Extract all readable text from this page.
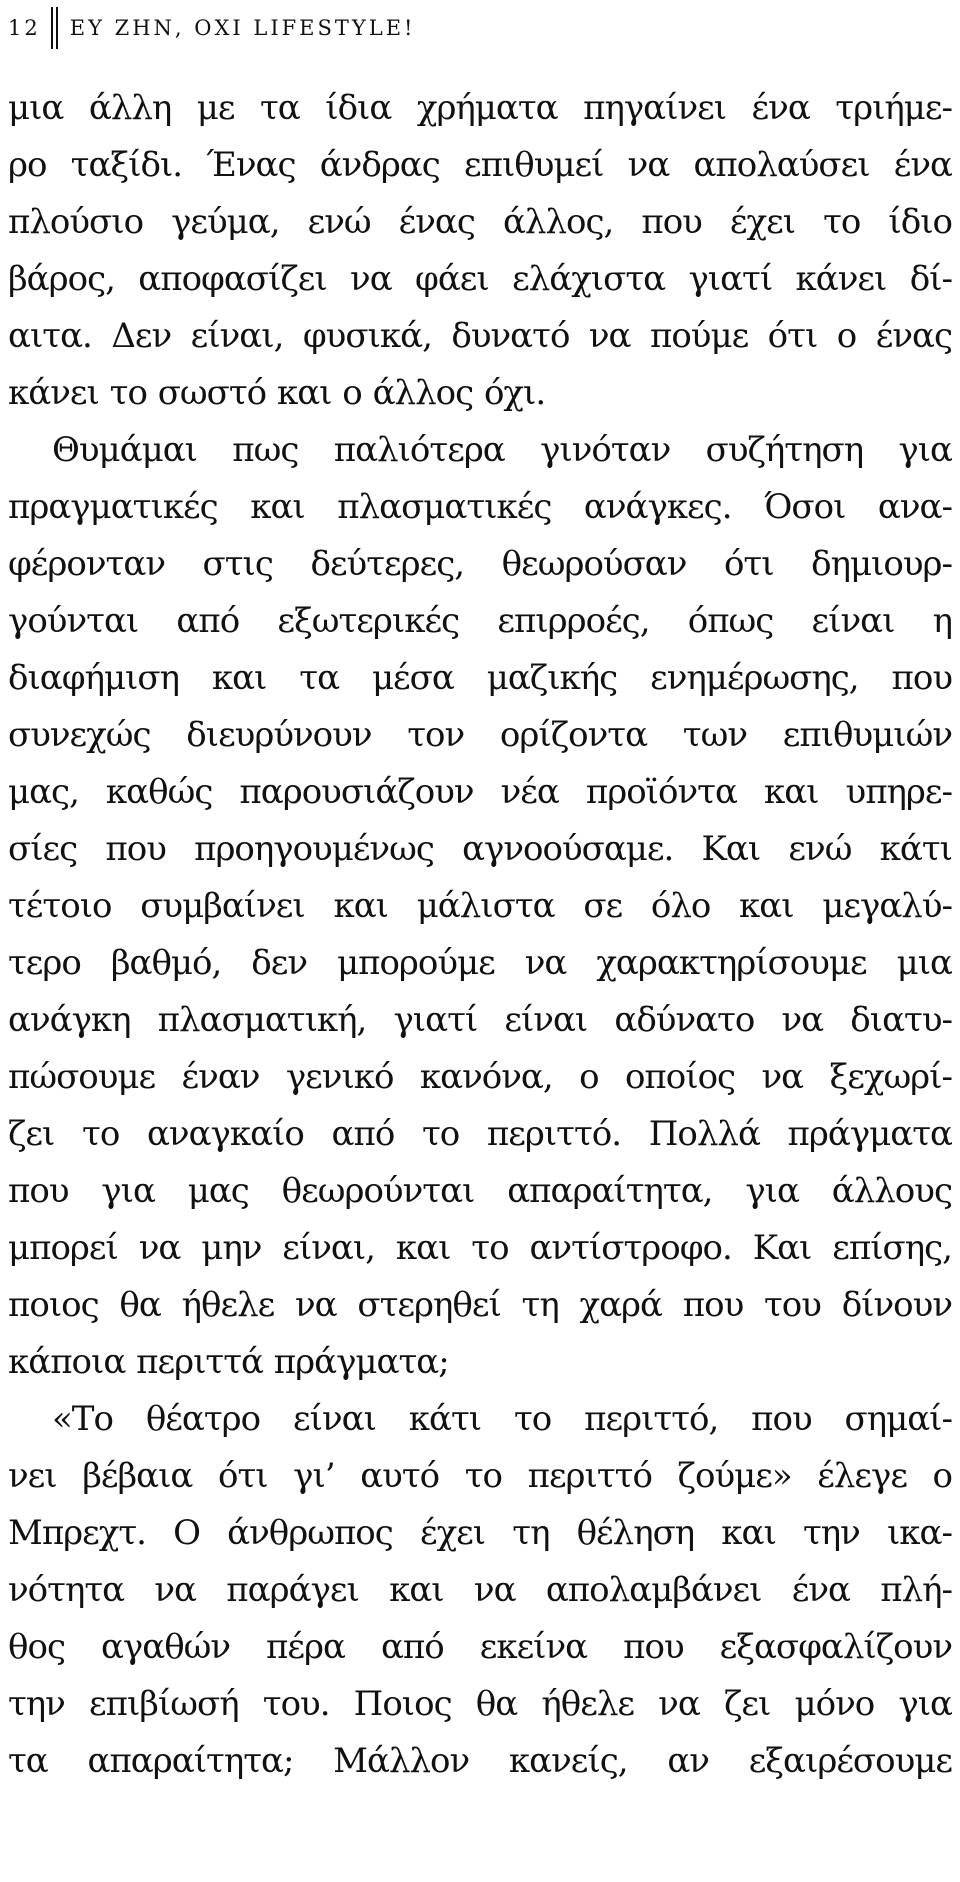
12 ΕΥ ΖΗΝ, ΟΧΙ LIFESTYLE!
μια άλλη με τα ίδια χρήματα πηγαίνει ένα τριήμε-
ρο ταξίδι. Ένας άνδρας επιθυμεί να απολαύσει ένα
πλούσιο γεύμα, ενώ ένας άλλος, που έχει το ίδιο
βάρος, αποφασίζει να φάει ελάχιστα γιατί κάνει δί-
αιτα. Δεν είναι, φυσικά, δυνατό να πούμε ότι ο ένας
κάνει το σωστό και ο άλλος όχι.
Θυμάμαι πως παλιότερα γινόταν συζήτηση για
πραγματικές και πλασματικές ανάγκες. Όσοι ανα-
φέρονταν στις δεύτερες, θεωρούσαν ότι δημιουρ-
γούνται από εξωτερικές επιρροές, όπως είναι η
διαφήμιση και τα μέσα μαζικής ενημέρωσης, που
συνεχώς διευρύνουν τον ορίζοντα των επιθυμιών
μας, καθώς παρουσιάζουν νέα προϊόντα και υπηρε-
σίες που προηγουμένως αγνοούσαμε. Και ενώ κάτι
τέτοιο συμβαίνει και μάλιστα σε όλο και μεγαλύ-
τερο βαθμό, δεν μπορούμε να χαρακτηρίσουμε μια
ανάγκη πλασματική, γιατί είναι αδύνατο να διατυ-
πώσουμε έναν γενικό κανόνα, ο οποίος να ξεχωρί-
ζει το αναγκαίο από το περιττό. Πολλά πράγματα
που για μας θεωρούνται απαραίτητα, για άλλους
μπορεί να μην είναι, και το αντίστροφο. Και επίσης,
ποιος θα ήθελε να στερηθεί τη χαρά που του δίνουν
κάποια περιττά πράγματα;
«Το θέατρο είναι κάτι το περιττό, που σημαί-
νει βέβαια ότι γι’ αυτό το περιττό ζούμε» έλεγε ο
Μπρεχτ. Ο άνθρωπος έχει τη θέληση και την ικα-
νότητα να παράγει και να απολαμβάνει ένα πλή-
θος αγαθών πέρα από εκείνα που εξασφαλίζουν
την επιβίωσή του. Ποιος θα ήθελε να ζει μόνο για
τα απαραίτητα; Μάλλον κανείς, αν εξαιρέσουμε
